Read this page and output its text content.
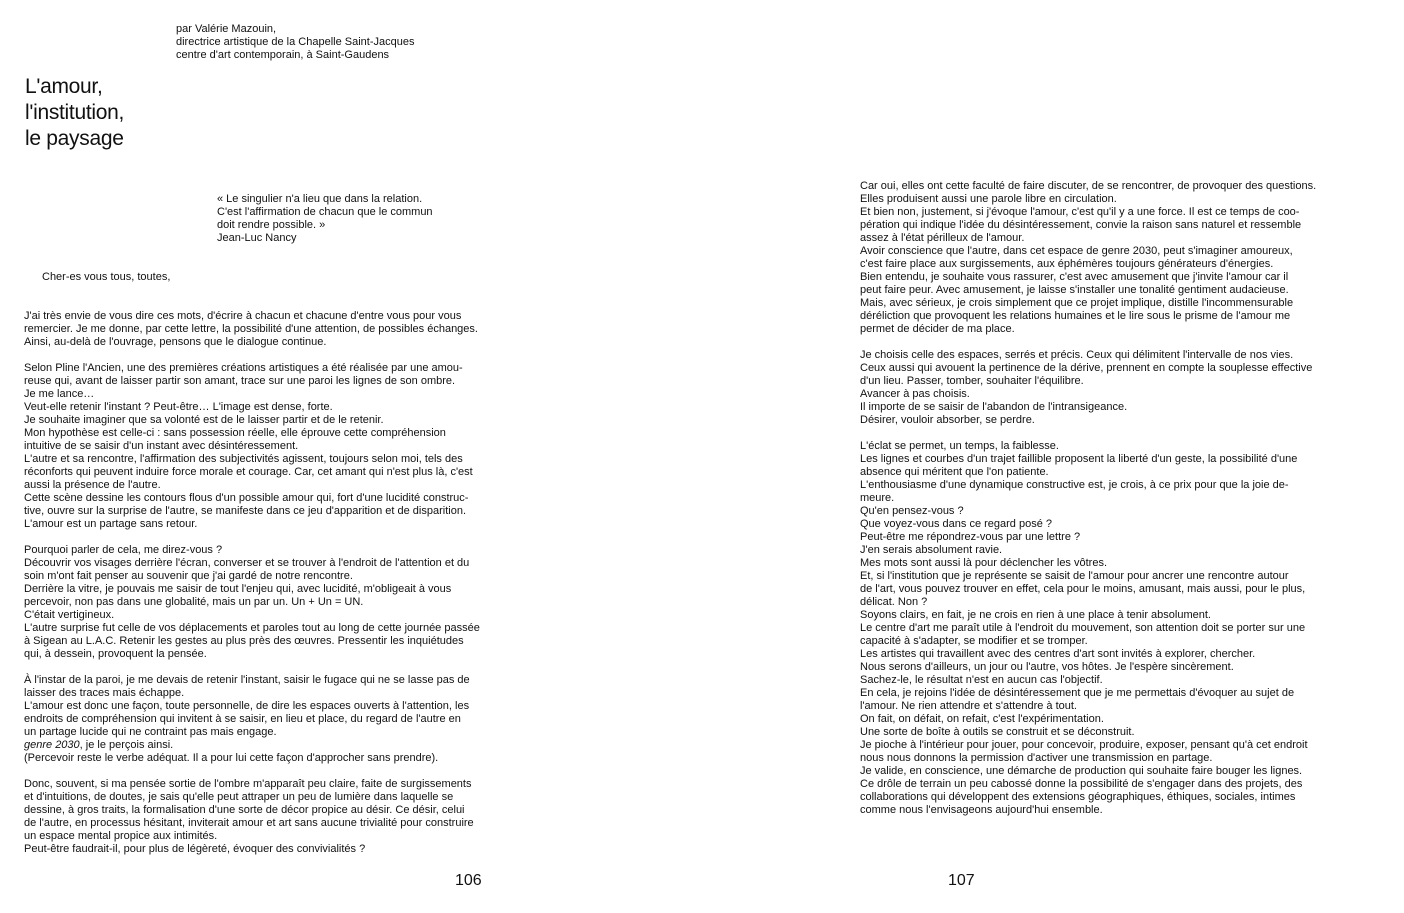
par Valérie Mazouin,
directrice artistique de la Chapelle Saint-Jacques
centre d'art contemporain, à Saint-Gaudens
L'amour,
l'institution,
le paysage
« Le singulier n'a lieu que dans la relation.
C'est l'affirmation de chacun que le commun
doit rendre possible. »
Jean-Luc Nancy
Cher-es vous tous, toutes,
J'ai très envie de vous dire ces mots, d'écrire à chacun et chacune d'entre vous pour vous
remercier. Je me donne, par cette lettre, la possibilité d'une attention, de possibles échanges.
Ainsi, au-delà de l'ouvrage, pensons que le dialogue continue.
Selon Pline l'Ancien, une des premières créations artistiques a été réalisée par une amou-
reuse qui, avant de laisser partir son amant, trace sur une paroi les lignes de son ombre.
Je me lance…
Veut-elle retenir l'instant ? Peut-être… L'image est dense, forte.
Je souhaite imaginer que sa volonté est de le laisser partir et de le retenir.
Mon hypothèse est celle-ci : sans possession réelle, elle éprouve cette compréhension
intuitive de se saisir d'un instant avec désintéressement.
L'autre et sa rencontre, l'affirmation des subjectivités agissent, toujours selon moi, tels des
réconforts qui peuvent induire force morale et courage. Car, cet amant qui n'est plus là, c'est
aussi la présence de l'autre.
Cette scène dessine les contours flous d'un possible amour qui, fort d'une lucidité construc-
tive, ouvre sur la surprise de l'autre, se manifeste dans ce jeu d'apparition et de disparition.
L'amour est un partage sans retour.
Pourquoi parler de cela, me direz-vous ?
Découvrir vos visages derrière l'écran, converser et se trouver à l'endroit de l'attention et du
soin m'ont fait penser au souvenir que j'ai gardé de notre rencontre.
Derrière la vitre, je pouvais me saisir de tout l'enjeu qui, avec lucidité, m'obligeait à vous
percevoir, non pas dans une globalité, mais un par un. Un + Un = UN.
C'était vertigineux.
L'autre surprise fut celle de vos déplacements et paroles tout au long de cette journée passée
à Sigean au L.A.C. Retenir les gestes au plus près des œuvres. Pressentir les inquiétudes
qui, à dessein, provoquent la pensée.
À l'instar de la paroi, je me devais de retenir l'instant, saisir le fugace qui ne se lasse pas de
laisser des traces mais échappe.
L'amour est donc une façon, toute personnelle, de dire les espaces ouverts à l'attention, les
endroits de compréhension qui invitent à se saisir, en lieu et place, du regard de l'autre en
un partage lucide qui ne contraint pas mais engage.
genre 2030, je le perçois ainsi.
(Percevoir reste le verbe adéquat. Il a pour lui cette façon d'approcher sans prendre).
Donc, souvent, si ma pensée sortie de l'ombre m'apparaît peu claire, faite de surgissements
et d'intuitions, de doutes, je sais qu'elle peut attraper un peu de lumière dans laquelle se
dessine, à gros traits, la formalisation d'une sorte de décor propice au désir. Ce désir, celui
de l'autre, en processus hésitant, inviterait amour et art sans aucune trivialité pour construire
un espace mental propice aux intimités.
Peut-être faudrait-il, pour plus de légèreté, évoquer des convivialités ?
106
Car oui, elles ont cette faculté de faire discuter, de se rencontrer, de provoquer des questions.
Elles produisent aussi une parole libre en circulation.
Et bien non, justement, si j'évoque l'amour, c'est qu'il y a une force. Il est ce temps de coo-
pération qui indique l'idée du désintéressement, convie la raison sans naturel et ressemble
assez à l'état périlleux de l'amour.
Avoir conscience que l'autre, dans cet espace de genre 2030, peut s'imaginer amoureux,
c'est faire place aux surgissements, aux éphémères toujours générateurs d'énergies.
Bien entendu, je souhaite vous rassurer, c'est avec amusement que j'invite l'amour car il
peut faire peur. Avec amusement, je laisse s'installer une tonalité gentiment audacieuse.
Mais, avec sérieux, je crois simplement que ce projet implique, distille l'incommensurable
déréliction que provoquent les relations humaines et le lire sous le prisme de l'amour me
permet de décider de ma place.
Je choisis celle des espaces, serrés et précis. Ceux qui délimitent l'intervalle de nos vies.
Ceux aussi qui avouent la pertinence de la dérive, prennent en compte la souplesse effective
d'un lieu. Passer, tomber, souhaiter l'équilibre.
Avancer à pas choisis.
Il importe de se saisir de l'abandon de l'intransigeance.
Désirer, vouloir absorber, se perdre.
L'éclat se permet, un temps, la faiblesse.
Les lignes et courbes d'un trajet faillible proposent la liberté d'un geste, la possibilité d'une
absence qui méritent que l'on patiente.
L'enthousiasme d'une dynamique constructive est, je crois, à ce prix pour que la joie de-
meure.
Qu'en pensez-vous ?
Que voyez-vous dans ce regard posé ?
Peut-être me répondrez-vous par une lettre ?
J'en serais absolument ravie.
Mes mots sont aussi là pour déclencher les vôtres.
Et, si l'institution que je représente se saisit de l'amour pour ancrer une rencontre autour
de l'art, vous pouvez trouver en effet, cela pour le moins, amusant, mais aussi, pour le plus,
délicat. Non ?
Soyons clairs, en fait, je ne crois en rien à une place à tenir absolument.
Le centre d'art me paraît utile à l'endroit du mouvement, son attention doit se porter sur une
capacité à s'adapter, se modifier et se tromper.
Les artistes qui travaillent avec des centres d'art sont invités à explorer, chercher.
Nous serons d'ailleurs, un jour ou l'autre, vos hôtes. Je l'espère sincèrement.
Sachez-le, le résultat n'est en aucun cas l'objectif.
En cela, je rejoins l'idée de désintéressement que je me permettais d'évoquer au sujet de
l'amour. Ne rien attendre et s'attendre à tout.
On fait, on défait, on refait, c'est l'expérimentation.
Une sorte de boîte à outils se construit et se déconstruit.
Je pioche à l'intérieur pour jouer, pour concevoir, produire, exposer, pensant qu'à cet endroit
nous nous donnons la permission d'activer une transmission en partage.
Je valide, en conscience, une démarche de production qui souhaite faire bouger les lignes.
Ce drôle de terrain un peu cabossé donne la possibilité de s'engager dans des projets, des
collaborations qui développent des extensions géographiques, éthiques, sociales, intimes
comme nous l'envisageons aujourd'hui ensemble.
107
